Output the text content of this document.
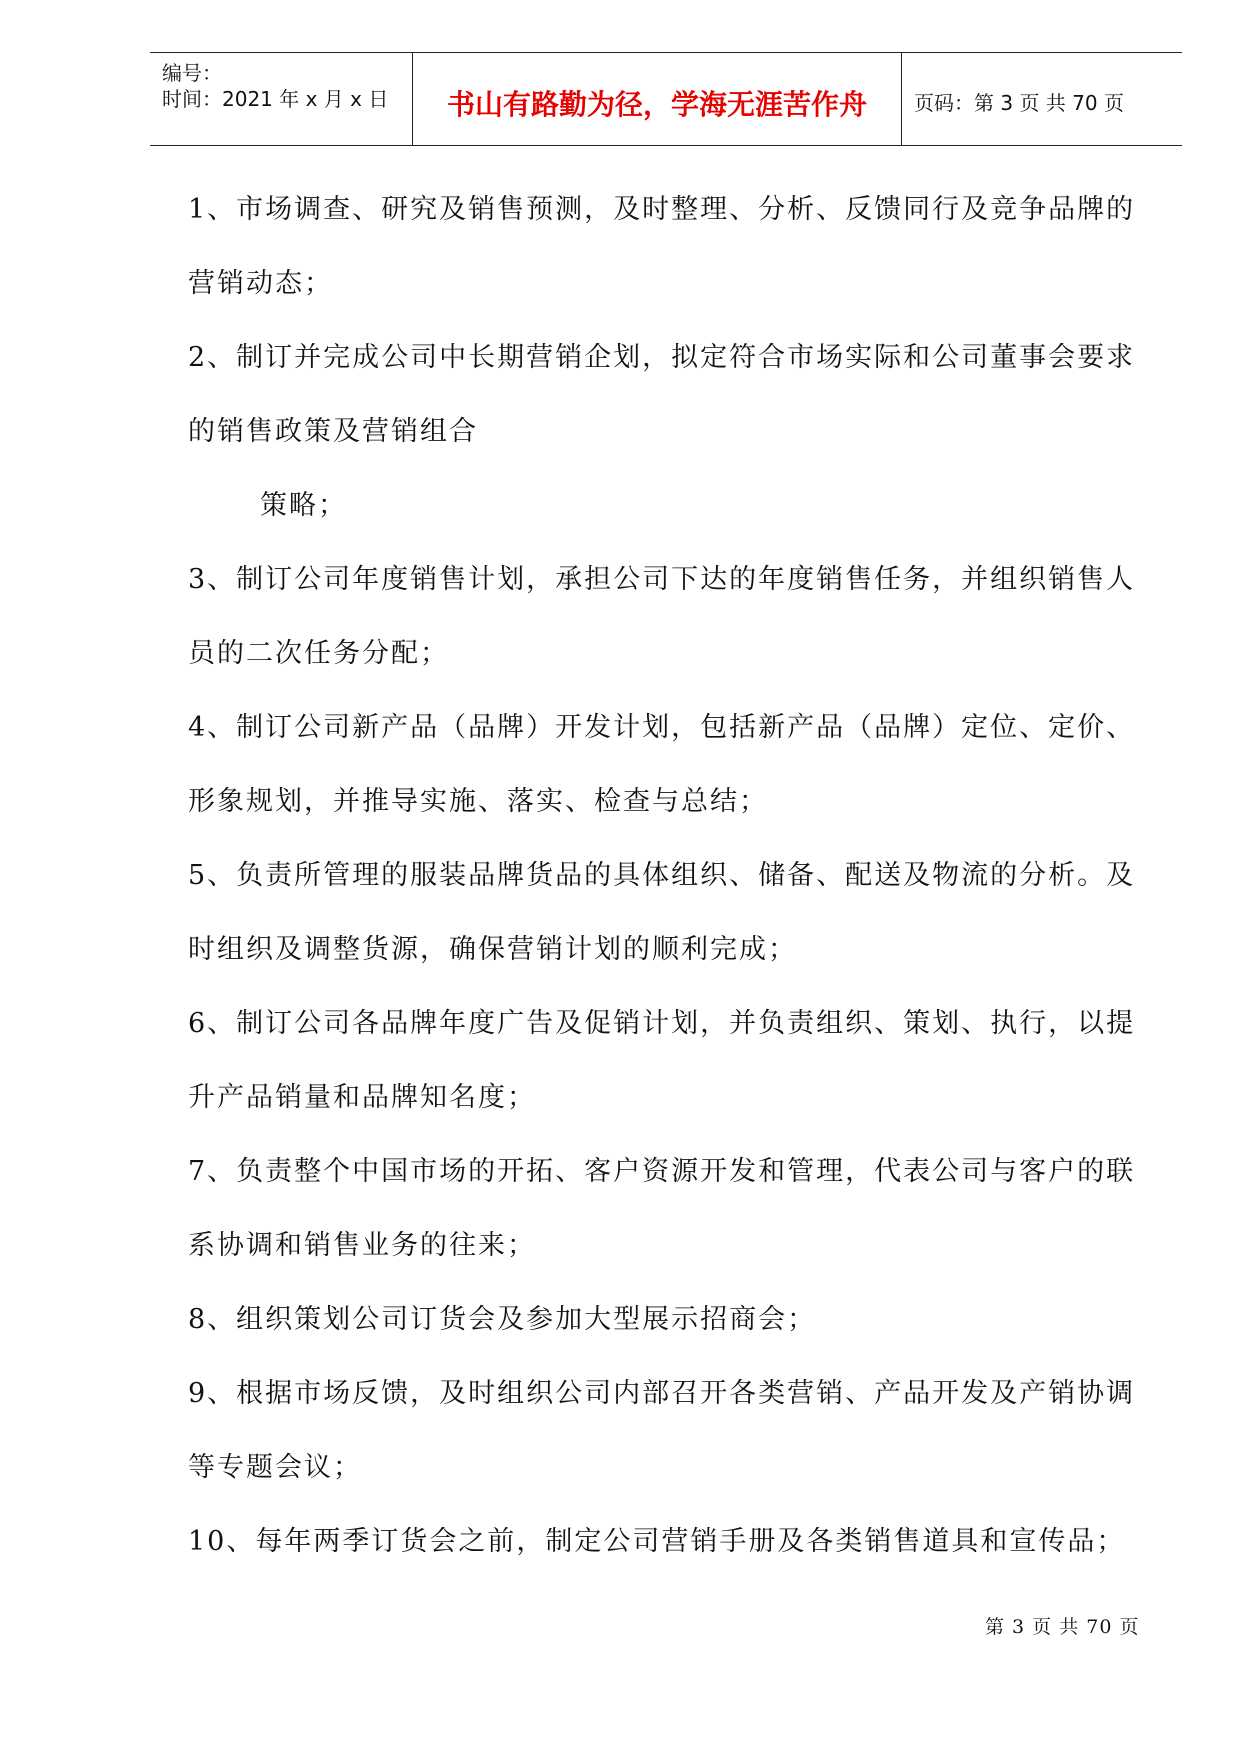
编号：
时间：2021 年 x 月 x 日	书山有路勤为径，学海无涯苦作舟	页码：第 3 页 共 70 页
1、市场调查、研究及销售预测，及时整理、分析、反馈同行及竞争品牌的
营销动态；
2、制订并完成公司中长期营销企划，拟定符合市场实际和公司董事会要求
的销售政策及营销组合
策略；
3、制订公司年度销售计划，承担公司下达的年度销售任务，并组织销售人
员的二次任务分配；
4、制订公司新产品（品牌）开发计划，包括新产品（品牌）定位、定价、
形象规划，并推导实施、落实、检查与总结；
5、负责所管理的服装品牌货品的具体组织、储备、配送及物流的分析。及
时组织及调整货源，确保营销计划的顺利完成；
6、制订公司各品牌年度广告及促销计划，并负责组织、策划、执行，以提
升产品销量和品牌知名度；
7、负责整个中国市场的开拓、客户资源开发和管理，代表公司与客户的联
系协调和销售业务的往来；
8、组织策划公司订货会及参加大型展示招商会；
9、根据市场反馈，及时组织公司内部召开各类营销、产品开发及产销协调
等专题会议；
10、每年两季订货会之前，制定公司营销手册及各类销售道具和宣传品；
第 3 页 共 70 页
